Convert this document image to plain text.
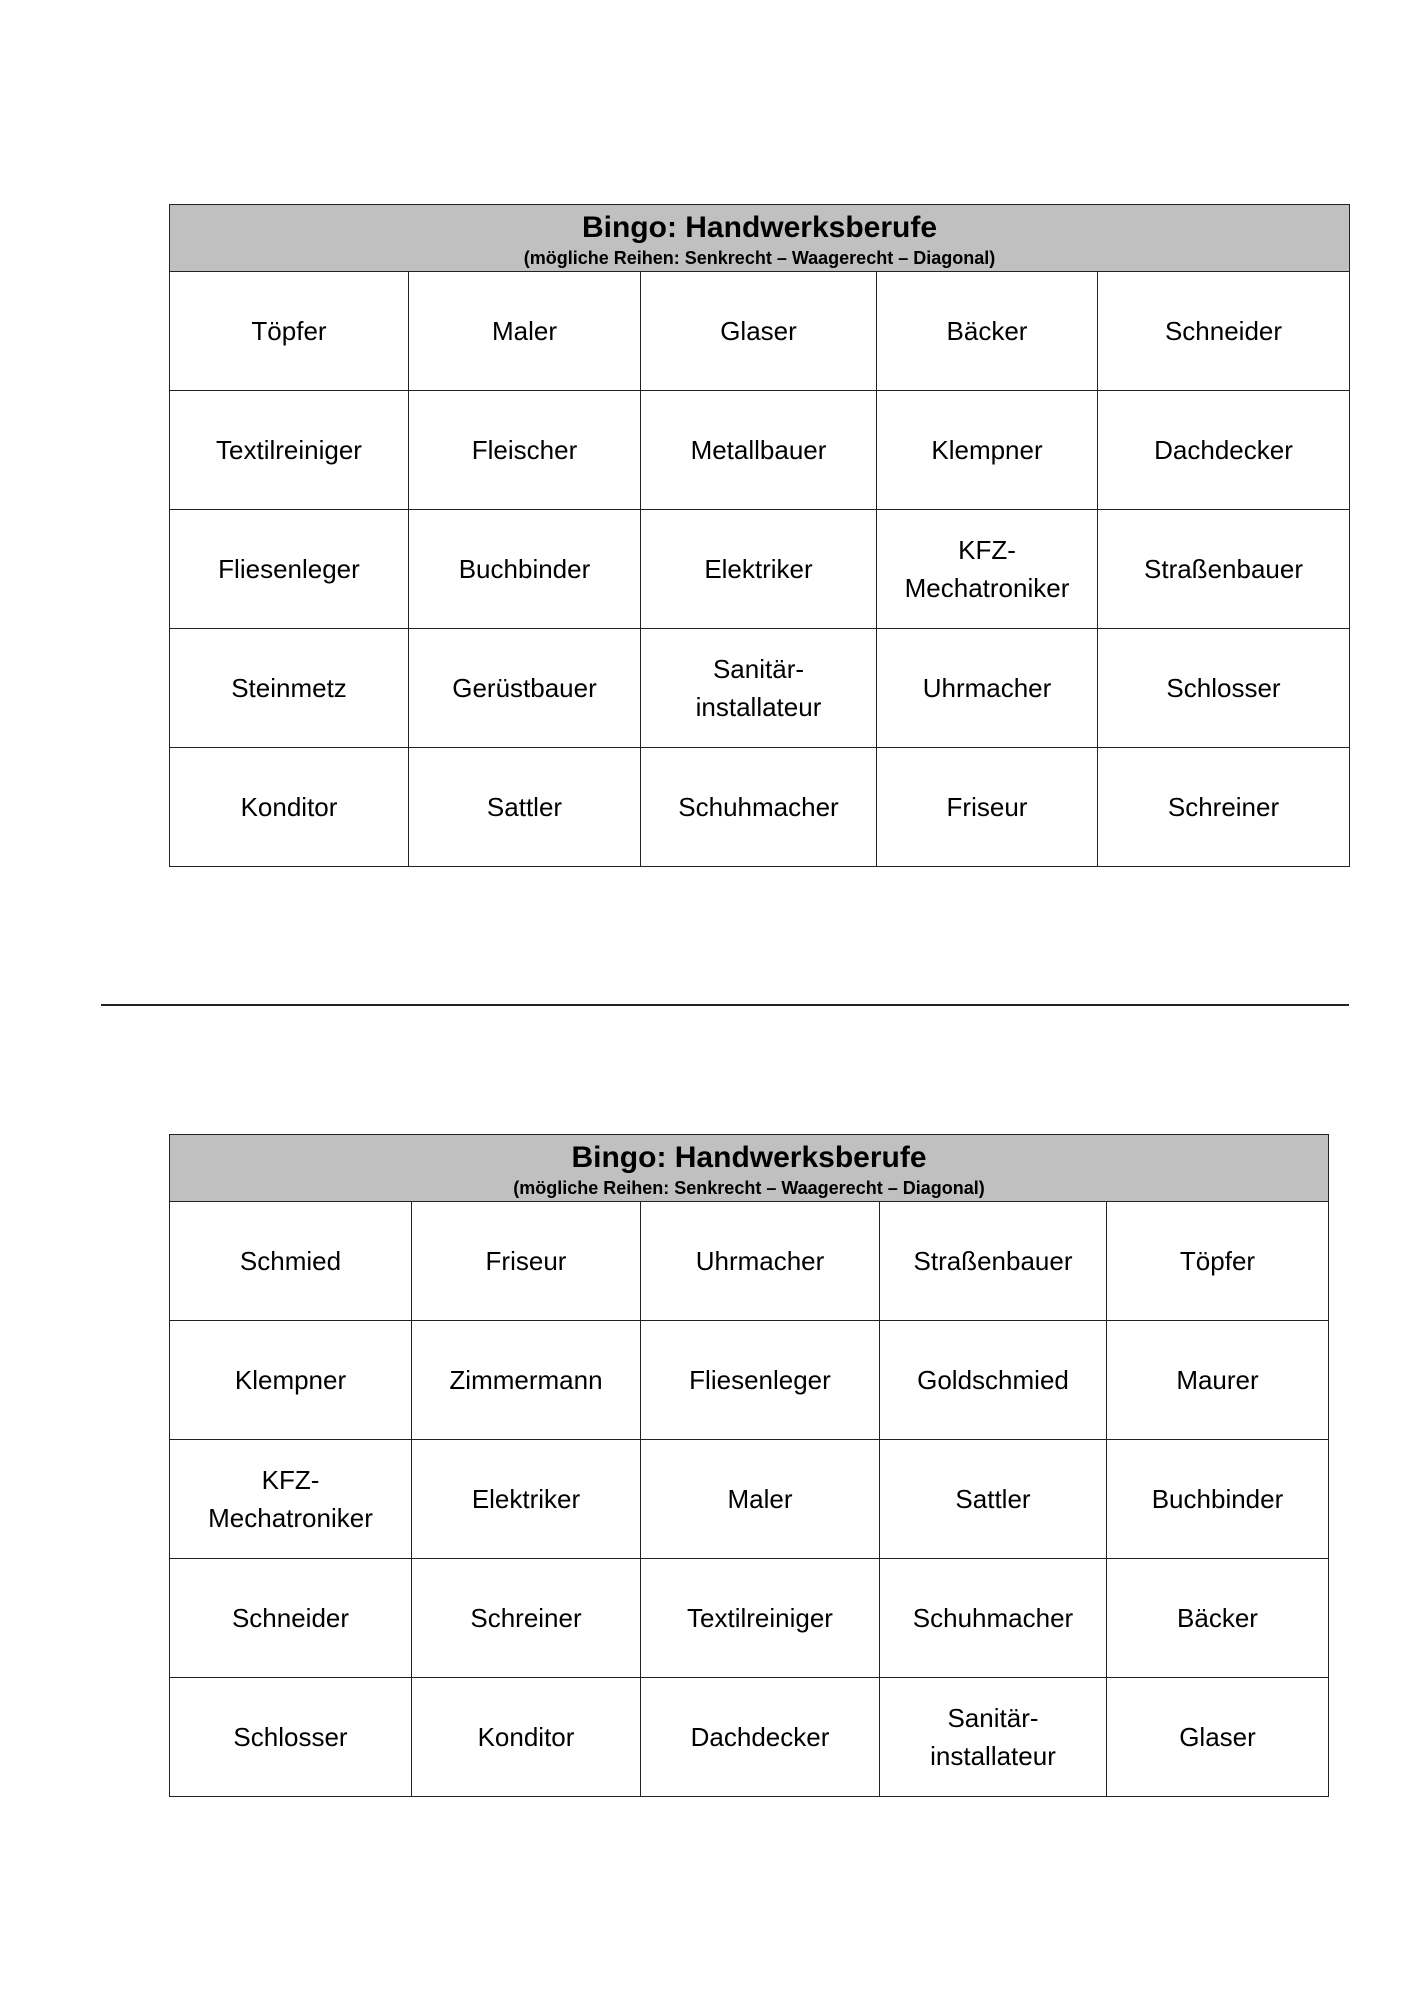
Bingo: Handwerksberufe
(mögliche Reihen: Senkrecht – Waagerecht – Diagonal)				

Töpfer	Maler	Glaser	Bäcker	Schneider
Textilreiniger	Fleischer	Metallbauer	Klempner	Dachdecker
Fliesenleger	Buchbinder	Elektriker	KFZ-
Mechatroniker	Straßenbauer
Steinmetz	Gerüstbauer	Sanitär-
installateur	Uhrmacher	Schlosser
Konditor	Sattler	Schuhmacher	Friseur	Schreiner
Bingo: Handwerksberufe
(mögliche Reihen: Senkrecht – Waagerecht – Diagonal)				

Schmied	Friseur	Uhrmacher	Straßenbauer	Töpfer
Klempner	Zimmermann	Fliesenleger	Goldschmied	Maurer
KFZ-
Mechatroniker	Elektriker	Maler	Sattler	Buchbinder
Schneider	Schreiner	Textilreiniger	Schuhmacher	Bäcker
Schlosser	Konditor	Dachdecker	Sanitär-
installateur	Glaser
